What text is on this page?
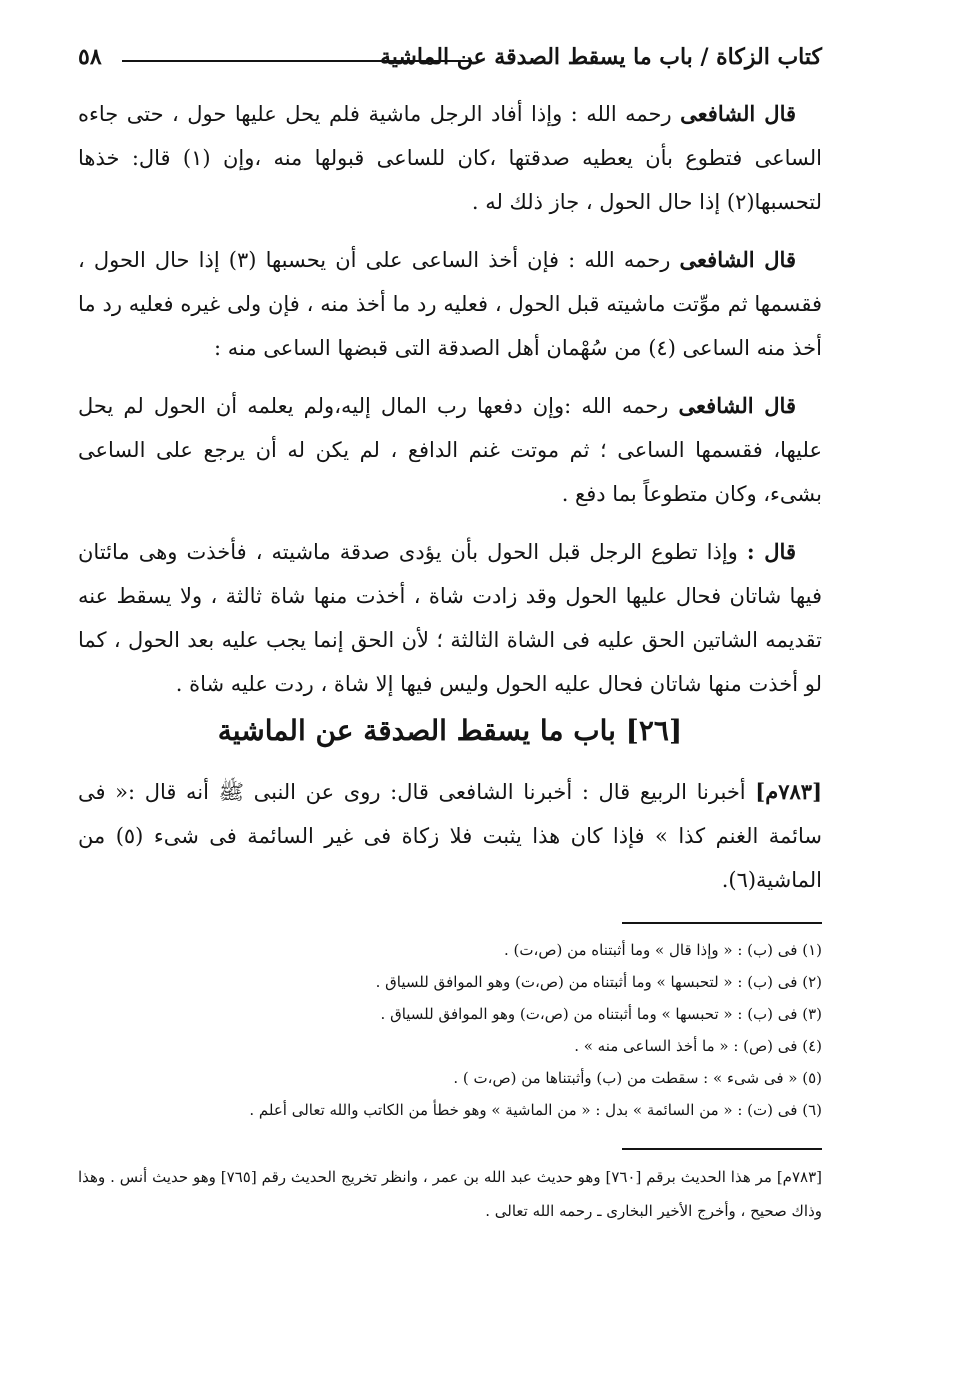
كتاب الزكاة / باب ما يسقط الصدقة عن الماشية
٥٨

قال الشافعى رحمه الله : وإذا أفاد الرجل ماشية فلم يحل عليها حول ، حتى جاءه الساعى فتطوع بأن يعطيه صدقتها ،كان للساعى قبولها منه ،وإن (١) قال: خذها لتحسبها(٢) إذا حال الحول ، جاز ذلك له .

قال الشافعى رحمه الله : فإن أخذ الساعى على أن يحسبها (٣) إذا حال الحول ، فقسمها ثم موِّتت ماشيته قبل الحول ، فعليه رد ما أخذ منه ، فإن ولى غيره فعليه رد ما أخذ منه الساعى (٤) من سُهْمان أهل الصدقة التى قبضها الساعى منه :

قال الشافعى رحمه الله :وإن دفعها رب المال إليه،ولم يعلمه أن الحول لم يحل عليها، فقسمها الساعى ؛ ثم موتت غنم الدافع ، لم يكن له أن يرجع على الساعى بشىء، وكان متطوعاً بما دفع .

قال : وإذا تطوع الرجل قبل الحول بأن يؤدى صدقة ماشيته ، فأخذت وهى مائتان فيها شاتان فحال عليها الحول وقد زادت شاة ، أخذت منها شاة ثالثة ، ولا يسقط عنه تقديمه الشاتين الحق عليه فى الشاة الثالثة ؛ لأن الحق إنما يجب عليه بعد الحول ، كما لو أخذت منها شاتان فحال عليه الحول وليس فيها إلا شاة ، ردت عليه شاة .

[٢٦] باب ما يسقط الصدقة عن الماشية

[٧٨٣م] أخبرنا الربيع قال : أخبرنا الشافعى قال: روى عن النبى ﷺ أنه قال :« فى سائمة الغنم كذا » فإذا كان هذا يثبت فلا زكاة فى غير السائمة فى شىء (٥) من الماشية(٦).

(١) فى (ب) : « وإذا قال » وما أثبتناه من (ص،ت) .
(٢) فى (ب) : « لتحبسها » وما أثبتناه من (ص،ت) وهو الموافق للسياق .
(٣) فى (ب) : « تحبسها » وما أثبتناه من (ص،ت) وهو الموافق للسياق .
(٤) فى (ص) : « ما أخذ الساعى منه » .
(٥) « فى شىء » : سقطت من (ب) وأثبتناها من (ص،ت ) .
(٦) فى (ت) : « من السائمة » بدل : « من الماشية » وهو خطأ من الكاتب والله تعالى أعلم .

[٧٨٣م] مر هذا الحديث برقم [٧٦٠] وهو حديث عبد الله بن عمر ، وانظر تخريج الحديث رقم [٧٦٥] وهو حديث أنس . وهذا وذاك صحيح ، وأخرج الأخير البخارى ـ رحمه الله تعالى .
